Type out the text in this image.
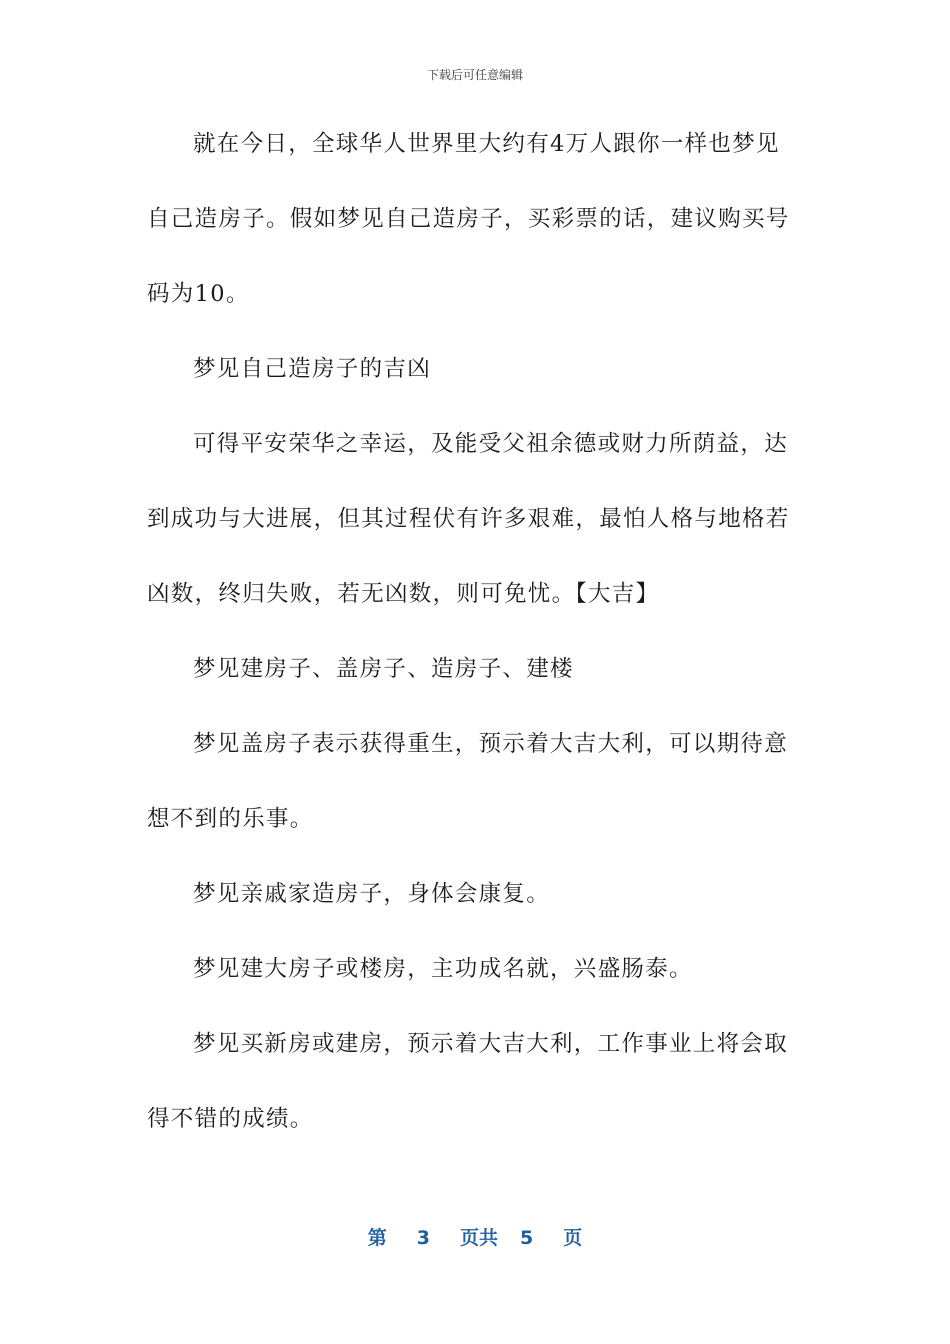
下载后可任意编辑
就在今日，全球华人世界里大约有4万人跟你一样也梦见
自己造房子。假如梦见自己造房子，买彩票的话，建议购买号
码为10。
梦见自己造房子的吉凶
可得平安荣华之幸运，及能受父祖余德或财力所荫益，达
到成功与大进展，但其过程伏有许多艰难，最怕人格与地格若
凶数，终归失败，若无凶数，则可免忧。【大吉】
梦见建房子、盖房子、造房子、建楼
梦见盖房子表示获得重生，预示着大吉大利，可以期待意
想不到的乐事。
梦见亲戚家造房子，身体会康复。
梦见建大房子或楼房，主功成名就，兴盛肠泰。
梦见买新房或建房，预示着大吉大利，工作事业上将会取
得不错的成绩。
第 3 页共 5 页
